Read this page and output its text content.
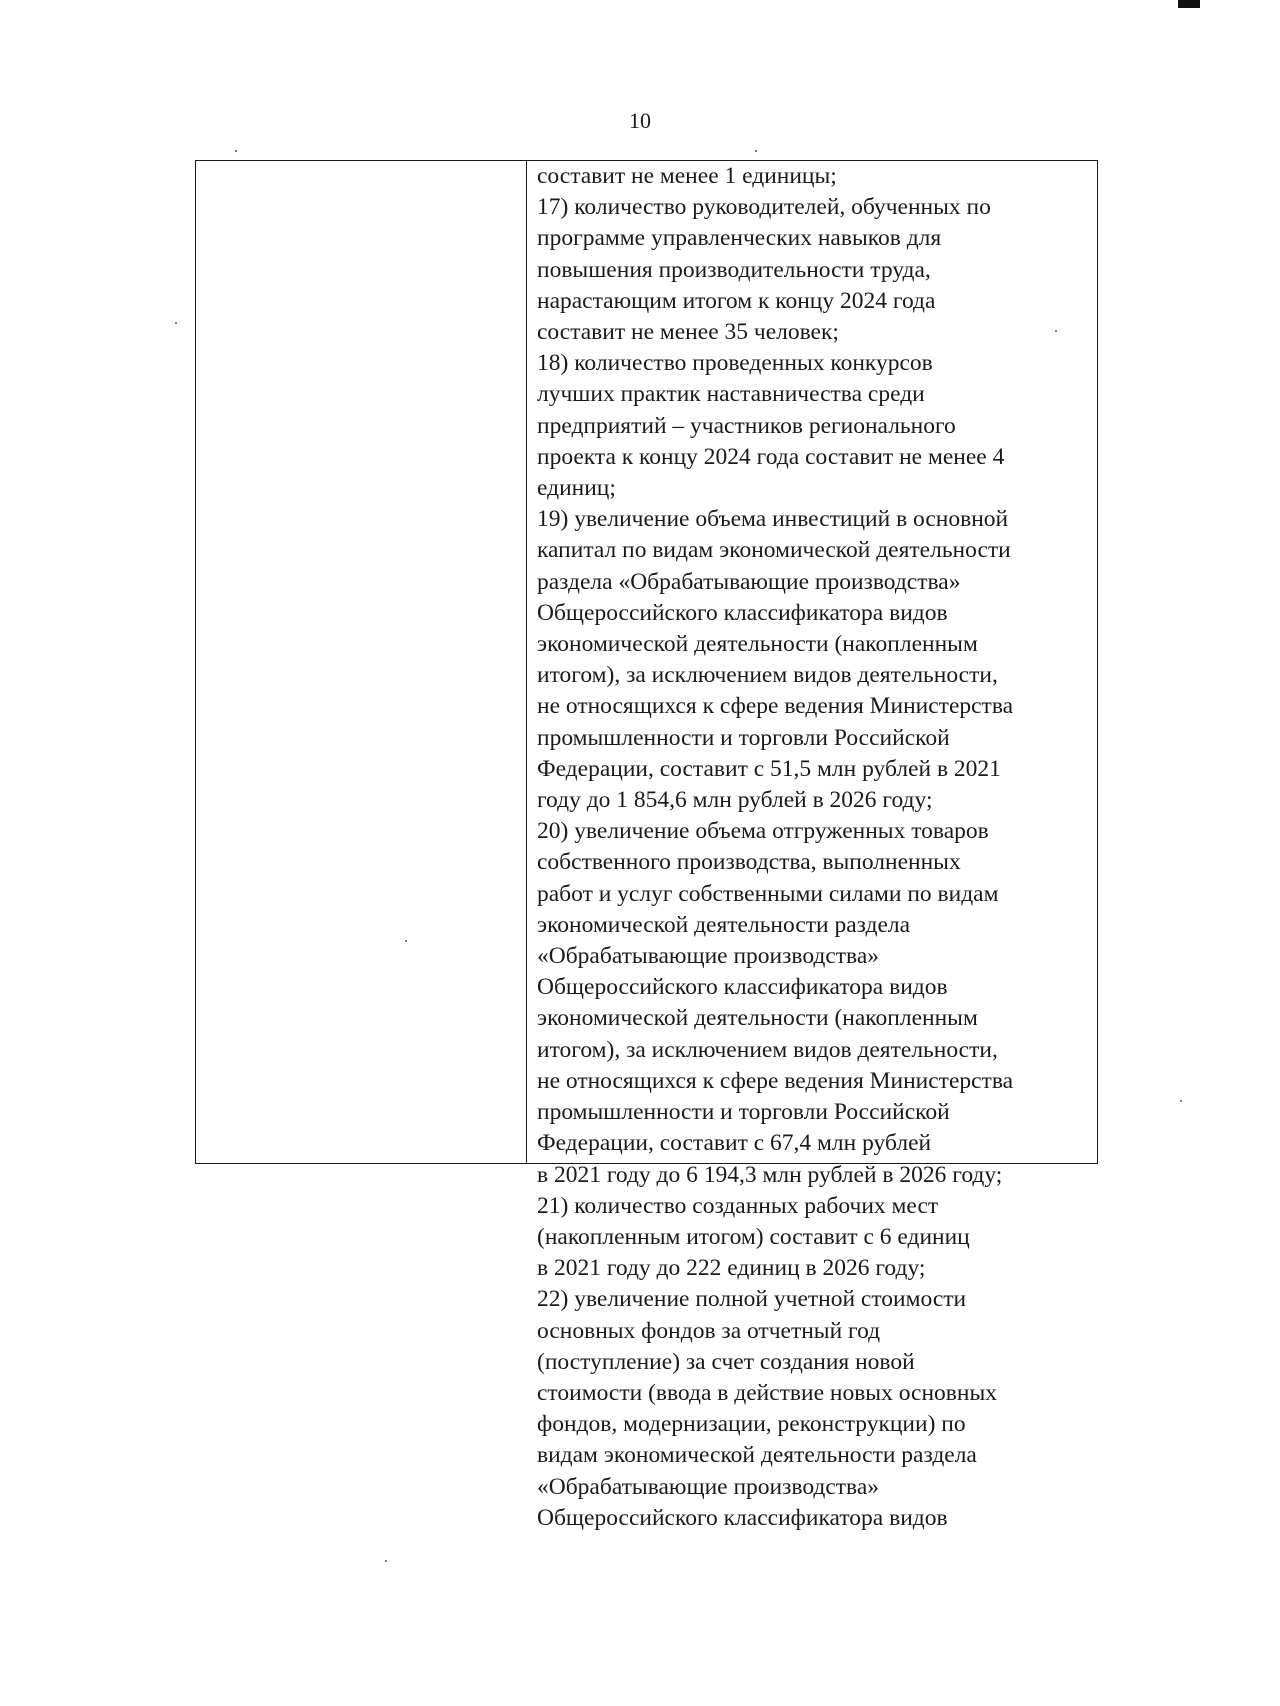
10
составит не менее 1 единицы;
17) количество руководителей, обученных по
программе управленческих навыков для
повышения производительности труда,
нарастающим итогом к концу 2024 года
составит не менее 35 человек;
18) количество проведенных конкурсов
лучших практик наставничества среди
предприятий – участников регионального
проекта к концу 2024 года составит не менее 4
единиц;
19) увеличение объема инвестиций в основной
капитал по видам экономической деятельности
раздела «Обрабатывающие производства»
Общероссийского классификатора видов
экономической деятельности (накопленным
итогом), за исключением видов деятельности,
не относящихся к сфере ведения Министерства
промышленности и торговли Российской
Федерации, составит с 51,5 млн рублей в 2021
году до 1 854,6 млн рублей в 2026 году;
20) увеличение объема отгруженных товаров
собственного производства, выполненных
работ и услуг собственными силами по видам
экономической деятельности раздела
«Обрабатывающие производства»
Общероссийского классификатора видов
экономической деятельности (накопленным
итогом), за исключением видов деятельности,
не относящихся к сфере ведения Министерства
промышленности и торговли Российской
Федерации, составит с 67,4 млн рублей
в 2021 году до 6 194,3 млн рублей в 2026 году;
21) количество созданных рабочих мест
(накопленным итогом) составит с 6 единиц
в 2021 году до 222 единиц в 2026 году;
22) увеличение полной учетной стоимости
основных фондов за отчетный год
(поступление) за счет создания новой
стоимости (ввода в действие новых основных
фондов, модернизации, реконструкции) по
видам экономической деятельности раздела
«Обрабатывающие производства»
Общероссийского классификатора видов
